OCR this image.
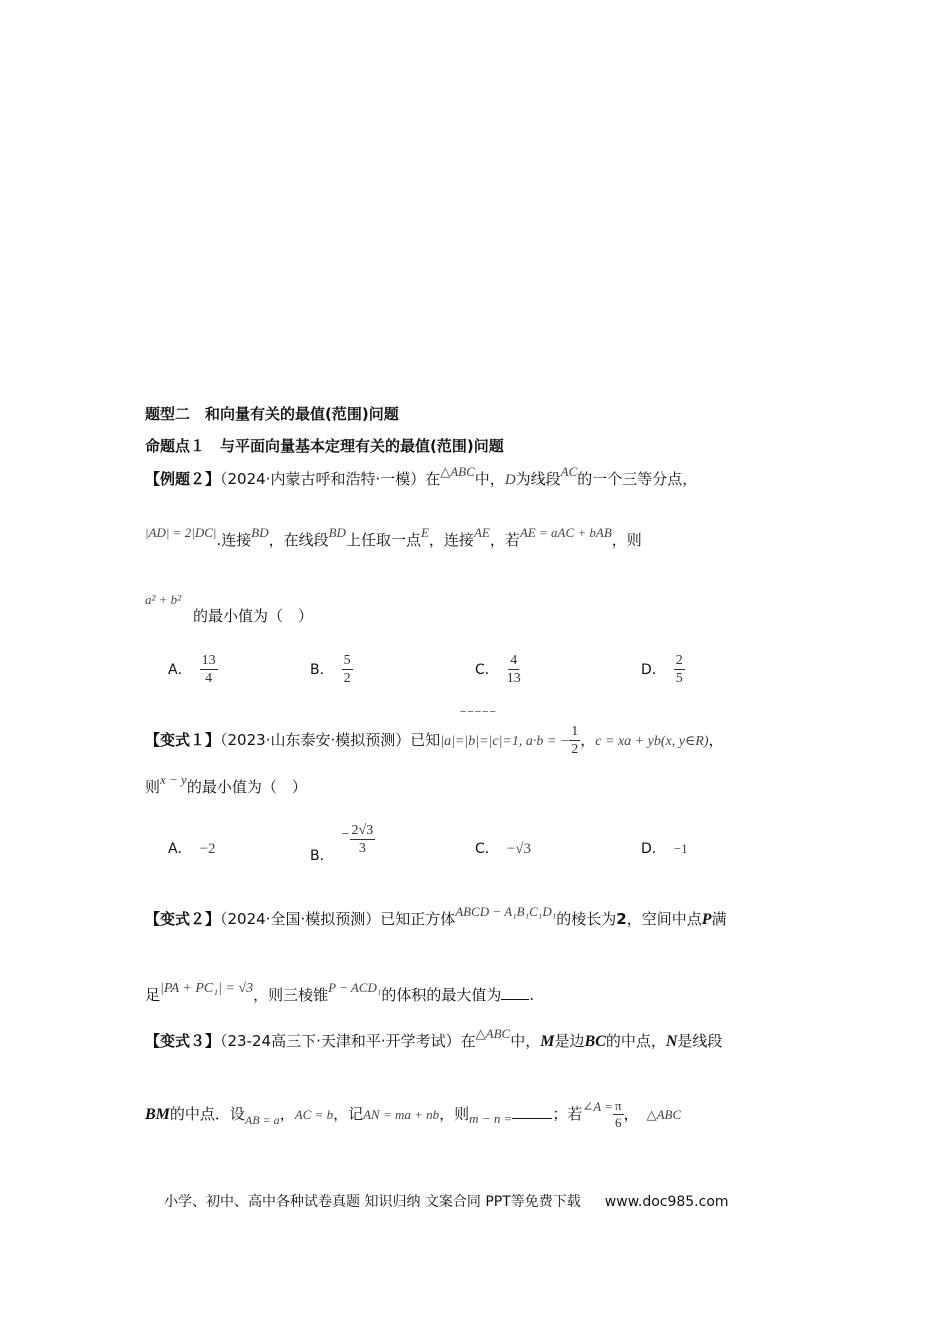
题型二　和向量有关的最值(范围)问题
命题点１　与平面向量基本定理有关的最值(范围)问题
【例题２】（2024·内蒙古呼和浩特·一模）在△ABC中，D为线段AC的一个三等分点，
|AD| = 2|DC|.连接BD，在线段BD上任取一点E，连接AE，若AE = aAC + bAB，则
a² + b²
的最小值为（　）
A． $\frac{13}{4}$	B． $\frac{5}{2}$	C． $\frac{4}{13}$	D． $\frac{2}{5}$
‒‒‒‒‒
【变式１】（2023·山东泰安·模拟预测）已知|a|=|b|=|c|=1, a·b = − $\frac{1}{2}$ ，c = xa + yb(x, y∈R)，
则x − y的最小值为（　）
A． −2	B．− $\frac{2√3}{3}$	C． −√3	D． −1
【变式２】（2024·全国·模拟预测）已知正方体ABCD − A₁B₁C₁D₁的棱长为2，空间中点P满
足|PA + PC₁| = √3，则三棱锥P − ACD₁的体积的最大值为 .
【变式３】（23-24高三下·天津和平·开学考试）在△ABC中，M是边BC的中点，N是线段
BM的中点．设$_{AB = a}$，AC = b，记AN = ma + nb，则m − n =	；若∠A = $\frac{\pi}{6}$ ， △ABC
小学、初中、高中各种试卷真题 知识归纳 文案合同 PPT等免费下载 www.doc985.com
